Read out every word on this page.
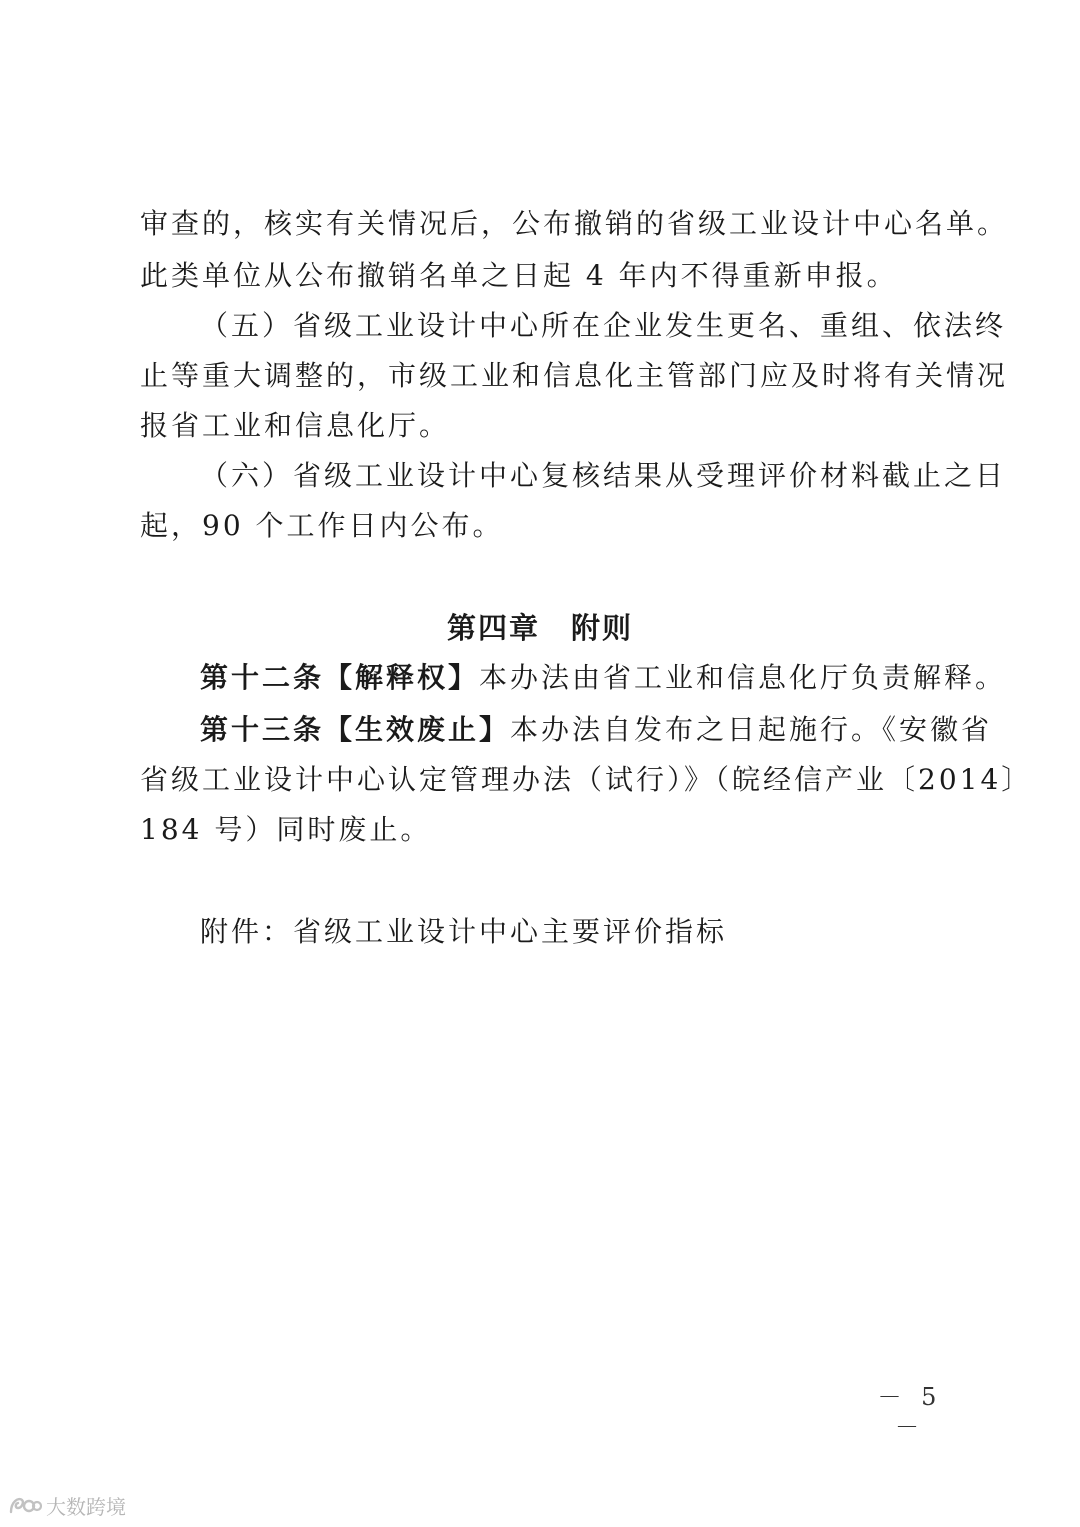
审查的，核实有关情况后，公布撤销的省级工业设计中心名单。
此类单位从公布撤销名单之日起 4 年内不得重新申报。
（五）省级工业设计中心所在企业发生更名、重组、依法终
止等重大调整的，市级工业和信息化主管部门应及时将有关情况
报省工业和信息化厅。
（六）省级工业设计中心复核结果从受理评价材料截止之日
起，90 个工作日内公布。
第四章　附则
第十二条【解释权】本办法由省工业和信息化厅负责解释。
第十三条【生效废止】本办法自发布之日起施行。《安徽省
省级工业设计中心认定管理办法（试行）》（皖经信产业〔2014〕
184 号）同时废止。
附件：省级工业设计中心主要评价指标
－ 5 －
大数跨境
